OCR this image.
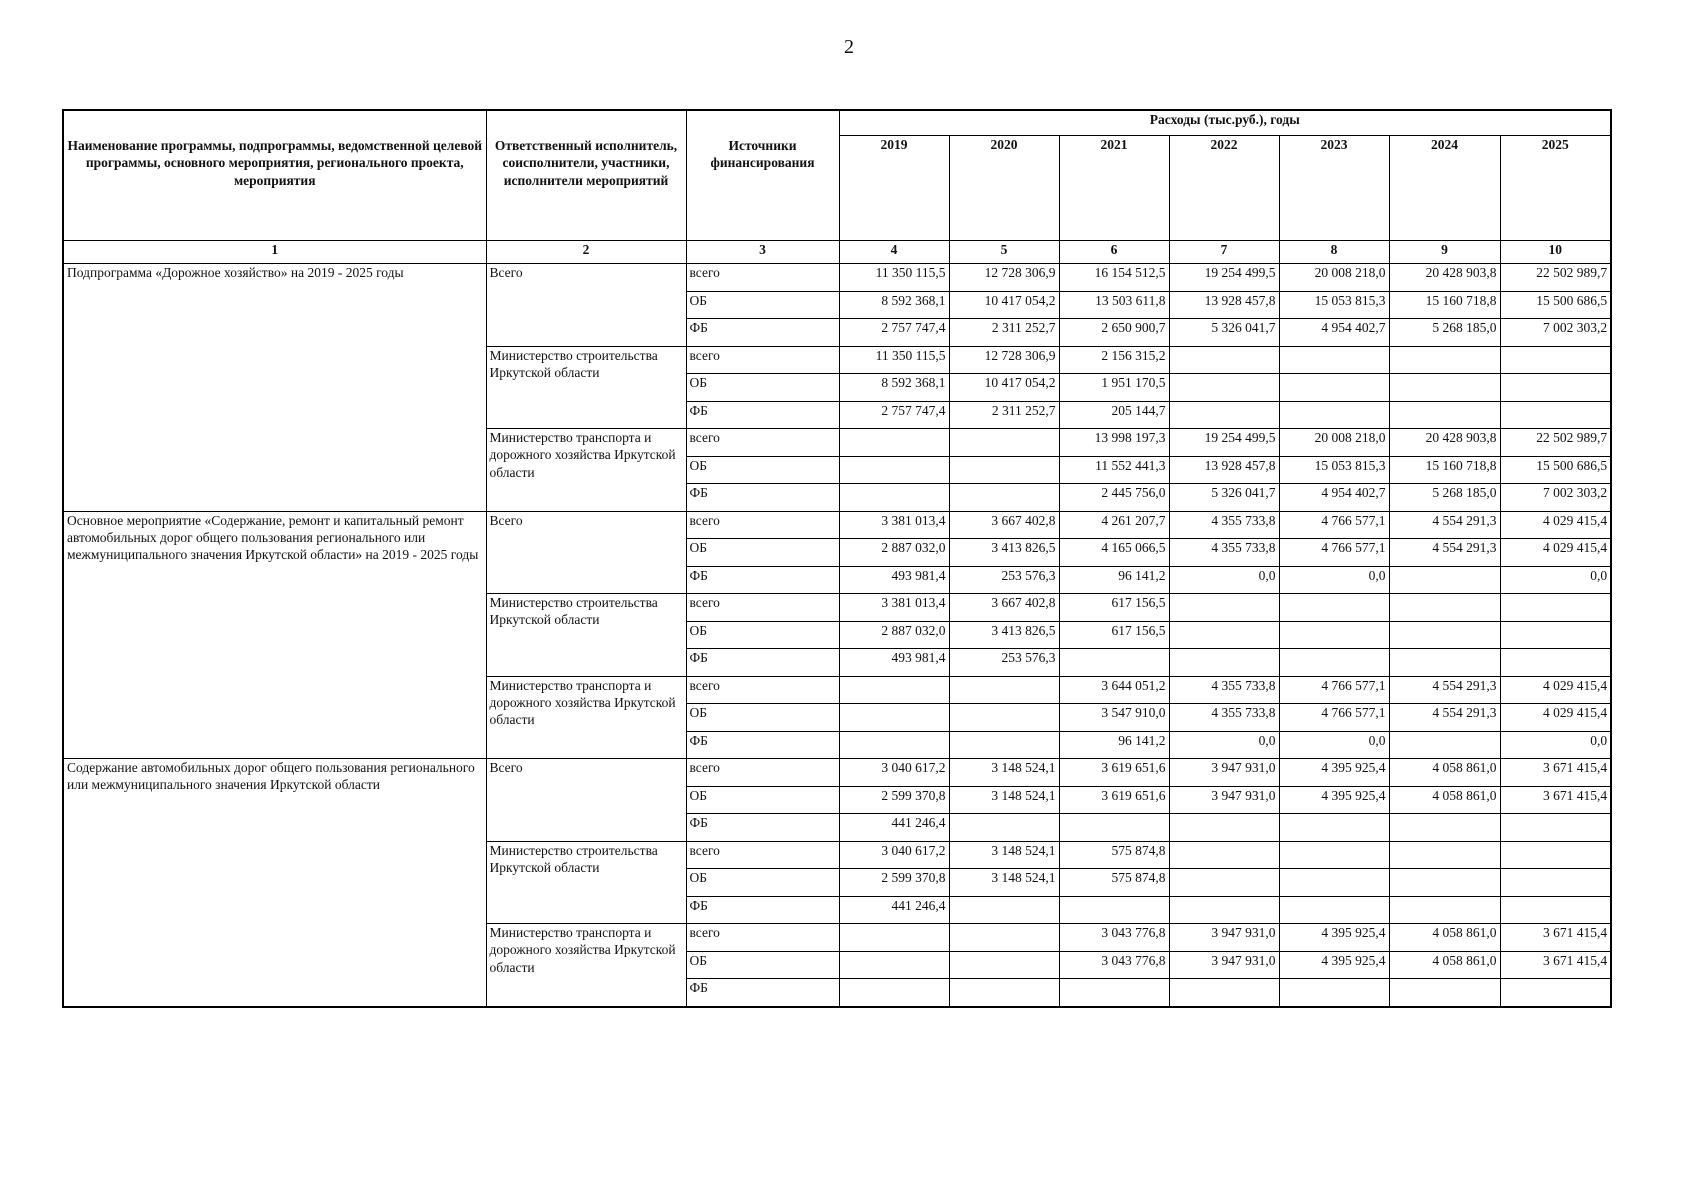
2
Наименование программы, подпрограммы, ведомственной целевой программы, основного мероприятия, регионального проекта, мероприятия	Ответственный исполнитель, соисполнители, участники, исполнители мероприятий	Источники финансирования	Расходы (тыс.руб.), годы						
			2019	2020	2021	2022	2023	2024	2025
1	2	3	4	5	6	7	8	9	10
Подпрограмма «Дорожное хозяйство» на 2019 - 2025 годы	Всего	всего	11 350 115,5	12 728 306,9	16 154 512,5	19 254 499,5	20 008 218,0	20 428 903,8	22 502 989,7
		ОБ	8 592 368,1	10 417 054,2	13 503 611,8	13 928 457,8	15 053 815,3	15 160 718,8	15 500 686,5
		ФБ	2 757 747,4	2 311 252,7	2 650 900,7	5 326 041,7	4 954 402,7	5 268 185,0	7 002 303,2
	Министерство строительства Иркутской области	всего	11 350 115,5	12 728 306,9	2 156 315,2				
		ОБ	8 592 368,1	10 417 054,2	1 951 170,5				
		ФБ	2 757 747,4	2 311 252,7	205 144,7				
	Министерство транспорта и дорожного хозяйства Иркутской области	всего			13 998 197,3	19 254 499,5	20 008 218,0	20 428 903,8	22 502 989,7
		ОБ			11 552 441,3	13 928 457,8	15 053 815,3	15 160 718,8	15 500 686,5
		ФБ			2 445 756,0	5 326 041,7	4 954 402,7	5 268 185,0	7 002 303,2
Основное мероприятие «Содержание, ремонт и капитальный ремонт автомобильных дорог общего пользования регионального или межмуниципального значения Иркутской области» на 2019 - 2025 годы	Всего	всего	3 381 013,4	3 667 402,8	4 261 207,7	4 355 733,8	4 766 577,1	4 554 291,3	4 029 415,4
		ОБ	2 887 032,0	3 413 826,5	4 165 066,5	4 355 733,8	4 766 577,1	4 554 291,3	4 029 415,4
		ФБ	493 981,4	253 576,3	96 141,2	0,0	0,0		0,0
	Министерство строительства Иркутской области	всего	3 381 013,4	3 667 402,8	617 156,5				
		ОБ	2 887 032,0	3 413 826,5	617 156,5				
		ФБ	493 981,4	253 576,3					
	Министерство транспорта и дорожного хозяйства Иркутской области	всего			3 644 051,2	4 355 733,8	4 766 577,1	4 554 291,3	4 029 415,4
		ОБ			3 547 910,0	4 355 733,8	4 766 577,1	4 554 291,3	4 029 415,4
		ФБ			96 141,2	0,0	0,0		0,0
Содержание автомобильных дорог общего пользования регионального или межмуниципального значения Иркутской области	Всего	всего	3 040 617,2	3 148 524,1	3 619 651,6	3 947 931,0	4 395 925,4	4 058 861,0	3 671 415,4
		ОБ	2 599 370,8	3 148 524,1	3 619 651,6	3 947 931,0	4 395 925,4	4 058 861,0	3 671 415,4
		ФБ	441 246,4						
	Министерство строительства Иркутской области	всего	3 040 617,2	3 148 524,1	575 874,8				
		ОБ	2 599 370,8	3 148 524,1	575 874,8				
		ФБ	441 246,4						
	Министерство транспорта и дорожного хозяйства Иркутской области	всего			3 043 776,8	3 947 931,0	4 395 925,4	4 058 861,0	3 671 415,4
		ОБ			3 043 776,8	3 947 931,0	4 395 925,4	4 058 861,0	3 671 415,4
		ФБ							
